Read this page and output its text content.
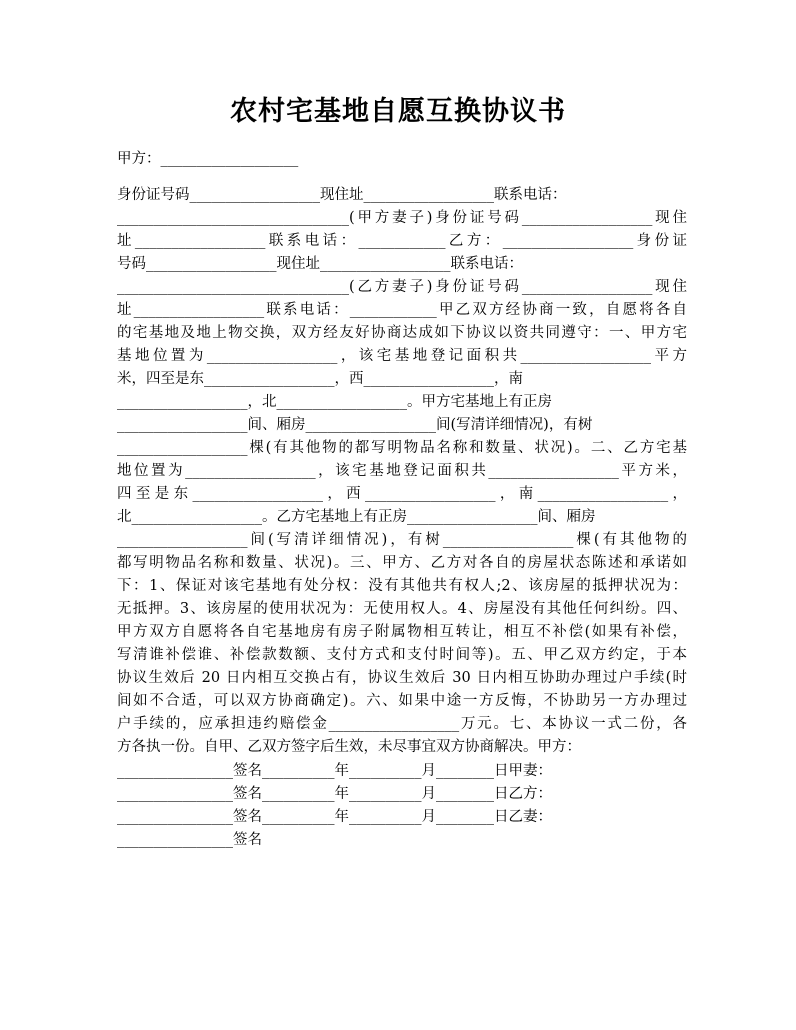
农村宅基地自愿互换协议书
甲方：___________________
身份证号码__________________现住址__________________联系电话：
________________________________(甲方妻子)身份证号码__________________现住
址__________________联系电话：____________乙方：__________________身份证
号码__________________现住址__________________联系电话：
________________________________(乙方妻子)身份证号码__________________现住
址__________________联系电话：____________甲乙双方经协商一致，自愿将各自
的宅基地及地上物交换，双方经友好协商达成如下协议以资共同遵守：一、甲方宅
基地位置为__________________，该宅基地登记面积共__________________平方
米，四至是东__________________，西__________________，南
__________________，北__________________。甲方宅基地上有正房
__________________间、厢房__________________间(写清详细情况)，有树
__________________棵(有其他物的都写明物品名称和数量、状况)。二、乙方宅基
地位置为__________________，该宅基地登记面积共__________________平方米，
四至是东__________________，西__________________，南__________________，
北__________________。乙方宅基地上有正房__________________间、厢房
__________________间(写清详细情况)，有树__________________棵(有其他物的
都写明物品名称和数量、状况)。三、甲方、乙方对各自的房屋状态陈述和承诺如
下：1、保证对该宅基地有处分权：没有其他共有权人;2、该房屋的抵押状况为：
无抵押。3、该房屋的使用状况为：无使用权人。4、房屋没有其他任何纠纷。四、
甲方双方自愿将各自宅基地房有房子附属物相互转让，相互不补偿(如果有补偿，
写清谁补偿谁、补偿款数额、支付方式和支付时间等)。五、甲乙双方约定，于本
协议生效后 20 日内相互交换占有，协议生效后 30 日内相互协助办理过户手续(时
间如不合适，可以双方协商确定)。六、如果中途一方反悔，不协助另一方办理过
户手续的，应承担违约赔偿金__________________万元。七、本协议一式二份，各
方各执一份。自甲、乙双方签字后生效，未尽事宜双方协商解决。甲方：
________________签名__________年__________月________日甲妻：
________________签名__________年__________月________日乙方：
________________签名__________年__________月________日乙妻：
________________签名
